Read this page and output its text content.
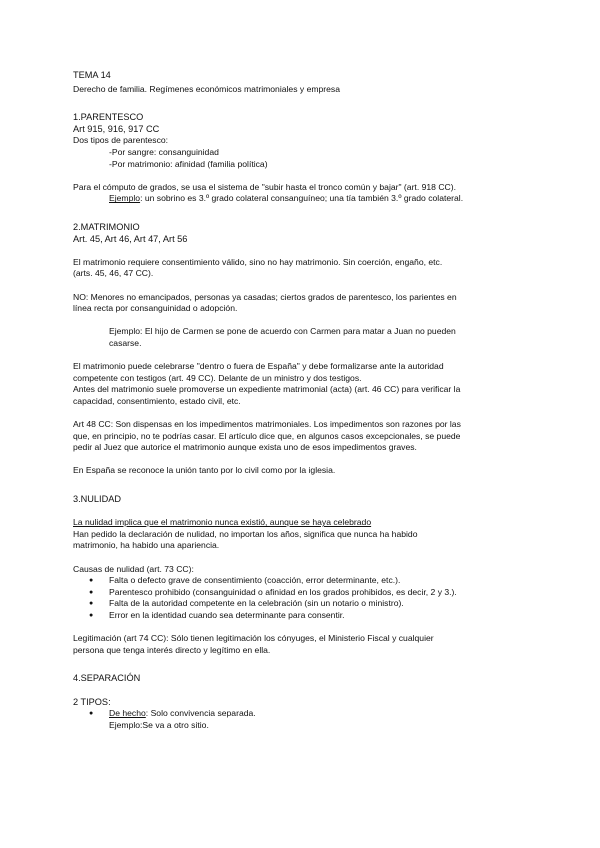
TEMA 14

Derecho de familia. Regímenes económicos matrimoniales y empresa

1.PARENTESCO

Art 915, 916, 917 CC

Dos tipos de parentesco:

-Por sangre: consanguinidad

-Por matrimonio: afinidad (familia política)

Para el cómputo de grados, se usa el sistema de "subir hasta el tronco común y bajar" (art. 918 CC).

Ejemplo: un sobrino es 3.º grado colateral consanguíneo; una tía también 3.º grado colateral.

2.MATRIMONIO

Art. 45, Art 46, Art 47, Art 56

El matrimonio requiere consentimiento válido, sino no hay matrimonio. Sin coerción, engaño, etc.

(arts. 45, 46, 47 CC).

NO: Menores no emancipados, personas ya casadas; ciertos grados de parentesco, los parientes en

línea recta por consanguinidad o adopción.

Ejemplo: El hijo de Carmen se pone de acuerdo con Carmen para matar a Juan no pueden

casarse.

El matrimonio puede celebrarse "dentro o fuera de España" y debe formalizarse ante la autoridad

competente con testigos (art. 49 CC). Delante de un ministro y dos testigos.

Antes del matrimonio suele promoverse un expediente matrimonial (acta) (art. 46 CC) para verificar la

capacidad, consentimiento, estado civil, etc.

Art 48 CC: Son dispensas en los impedimentos matrimoniales. Los impedimentos son razones por las

que, en principio, no te podrías casar. El artículo dice que, en algunos casos excepcionales, se puede

pedir al Juez que autorice el matrimonio aunque exista uno de esos impedimentos graves.

En España se reconoce la unión tanto por lo civil como por la iglesia.

3.NULIDAD

La nulidad implica que el matrimonio nunca existió, aunque se haya celebrado

Han pedido la declaración de nulidad, no importan los años, significa que nunca ha habido

matrimonio, ha habido una apariencia.

Causas de nulidad (art. 73 CC):

● Falta o defecto grave de consentimiento (coacción, error determinante, etc.).
● Parentesco prohibido (consanguinidad o afinidad en los grados prohibidos, es decir, 2 y 3.).
● Falta de la autoridad competente en la celebración (sin un notario o ministro).
● Error en la identidad cuando sea determinante para consentir.

Legitimación (art 74 CC): Sólo tienen legitimación los cónyuges, el Ministerio Fiscal y cualquier

persona que tenga interés directo y legítimo en ella.

4.SEPARACIÓN

2 TIPOS:

● De hecho: Solo convivencia separada.

Ejemplo:Se va a otro sitio.
